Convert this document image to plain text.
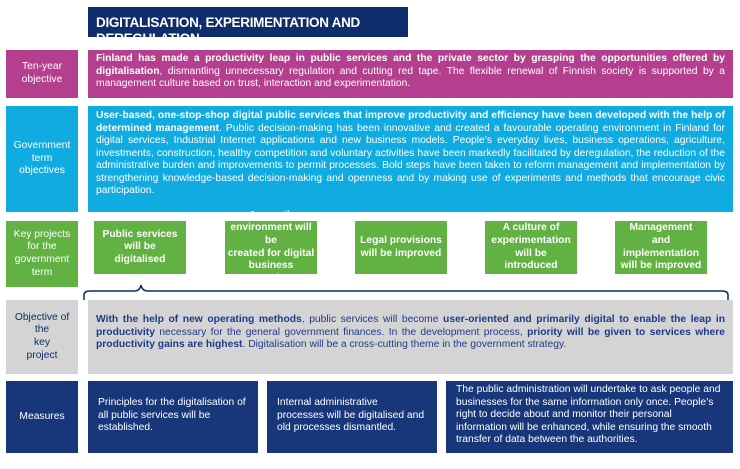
DIGITALISATION, EXPERIMENTATION AND DEREGULATION
Ten-year
objective
Finland has made a productivity leap in public services and the private sector by grasping the opportunities offered by digitalisation, dismantling unnecessary regulation and cutting red tape. The flexible renewal of Finnish society is supported by a management culture based on trust, interaction and experimentation.
Government
term
objectives
User-based, one-stop-shop digital public services that improve productivity and efficiency have been developed with the help of determined management. Public decision-making has been innovative and created a favourable operating environment in Finland for digital services, Industrial Internet applications and new business models. People’s everyday lives, business operations, agriculture, investments, construction, healthy competition and voluntary activities have been markedly facilitated by deregulation, the reduction of the administrative burden and improvements to permit processes. Bold steps have been taken to reform management and implementation by strengthening knowledge-based decision-making and openness and by making use of experiments and methods that encourage civic participation.
Key projects
for the
government
term
Public services
will be
digitalised
A growth
environment will be
created for digital
business operations
Legal provisions
will be improved
A culture of
experimentation
will be
introduced
Management
and
implementation
will be improved
Objective of
the
key
project
With the help of new operating methods, public services will become user-oriented and primarily digital to enable the leap in productivity necessary for the general government finances. In the development process, priority will be given to services where productivity gains are highest. Digitalisation will be a cross-cutting theme in the government strategy.
Measures
Principles for the digitalisation of all public services will be established.
Internal administrative processes will be digitalised and old processes dismantled.
The public administration will undertake to ask people and businesses for the same information only once. People’s right to decide about and monitor their personal information will be enhanced, while ensuring the smooth transfer of data between the authorities.
